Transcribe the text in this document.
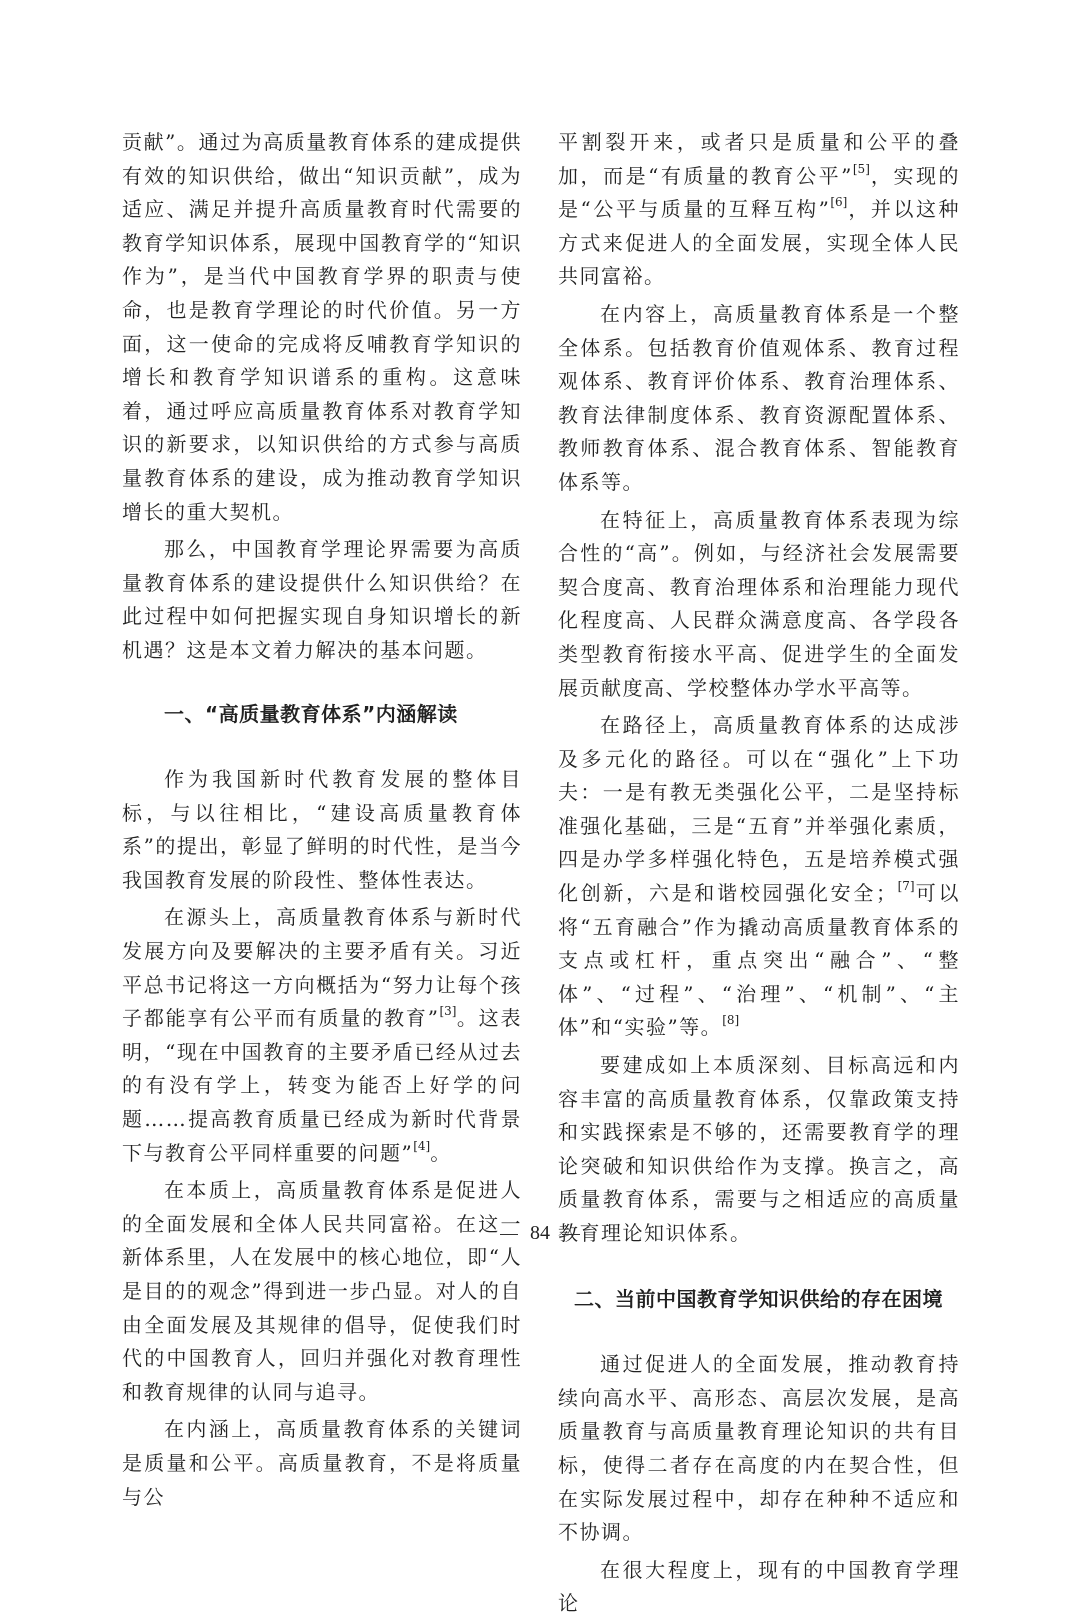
贡献”。通过为高质量教育体系的建成提供有效的知识供给，做出“知识贡献”，成为适应、满足并提升高质量教育时代需要的教育学知识体系，展现中国教育学的“知识作为”，是当代中国教育学界的职责与使命，也是教育学理论的时代价值。另一方面，这一使命的完成将反哺教育学知识的增长和教育学知识谱系的重构。这意味着，通过呼应高质量教育体系对教育学知识的新要求，以知识供给的方式参与高质量教育体系的建设，成为推动教育学知识增长的重大契机。

那么，中国教育学理论界需要为高质量教育体系的建设提供什么知识供给？在此过程中如何把握实现自身知识增长的新机遇？这是本文着力解决的基本问题。

一、“高质量教育体系”内涵解读

作为我国新时代教育发展的整体目标，与以往相比，“建设高质量教育体系”的提出，彰显了鲜明的时代性，是当今我国教育发展的阶段性、整体性表达。

在源头上，高质量教育体系与新时代发展方向及要解决的主要矛盾有关。习近平总书记将这一方向概括为“努力让每个孩子都能享有公平而有质量的教育”[3]。这表明，“现在中国教育的主要矛盾已经从过去的有没有学上，转变为能否上好学的问题……提高教育质量已经成为新时代背景下与教育公平同样重要的问题”[4]。

在本质上，高质量教育体系是促进人的全面发展和全体人民共同富裕。在这一新体系里，人在发展中的核心地位，即“人是目的的观念”得到进一步凸显。对人的自由全面发展及其规律的倡导，促使我们时代的中国教育人，回归并强化对教育理性和教育规律的认同与追寻。

在内涵上，高质量教育体系的关键词是质量和公平。高质量教育，不是将质量与公

平割裂开来，或者只是质量和公平的叠加，而是“有质量的教育公平”[5]，实现的是“公平与质量的互释互构”[6]，并以这种方式来促进人的全面发展，实现全体人民共同富裕。

在内容上，高质量教育体系是一个整全体系。包括教育价值观体系、教育过程观体系、教育评价体系、教育治理体系、教育法律制度体系、教育资源配置体系、教师教育体系、混合教育体系、智能教育体系等。

在特征上，高质量教育体系表现为综合性的“高”。例如，与经济社会发展需要契合度高、教育治理体系和治理能力现代化程度高、人民群众满意度高、各学段各类型教育衔接水平高、促进学生的全面发展贡献度高、学校整体办学水平高等。

在路径上，高质量教育体系的达成涉及多元化的路径。可以在“强化”上下功夫：一是有教无类强化公平，二是坚持标准强化基础，三是“五育”并举强化素质，四是办学多样强化特色，五是培养模式强化创新，六是和谐校园强化安全；[7]可以将“五育融合”作为撬动高质量教育体系的支点或杠杆，重点突出“融合”、“整体”、“过程”、“治理”、“机制”、“主体”和“实验”等。[8]

要建成如上本质深刻、目标高远和内容丰富的高质量教育体系，仅靠政策支持和实践探索是不够的，还需要教育学的理论突破和知识供给作为支撑。换言之，高质量教育体系，需要与之相适应的高质量教育理论知识体系。

二、当前中国教育学知识供给的存在困境

通过促进人的全面发展，推动教育持续向高水平、高形态、高层次发展，是高质量教育与高质量教育理论知识的共有目标，使得二者存在高度的内在契合性，但在实际发展过程中，却存在种种不适应和不协调。

在很大程度上，现有的中国教育学理论

84
